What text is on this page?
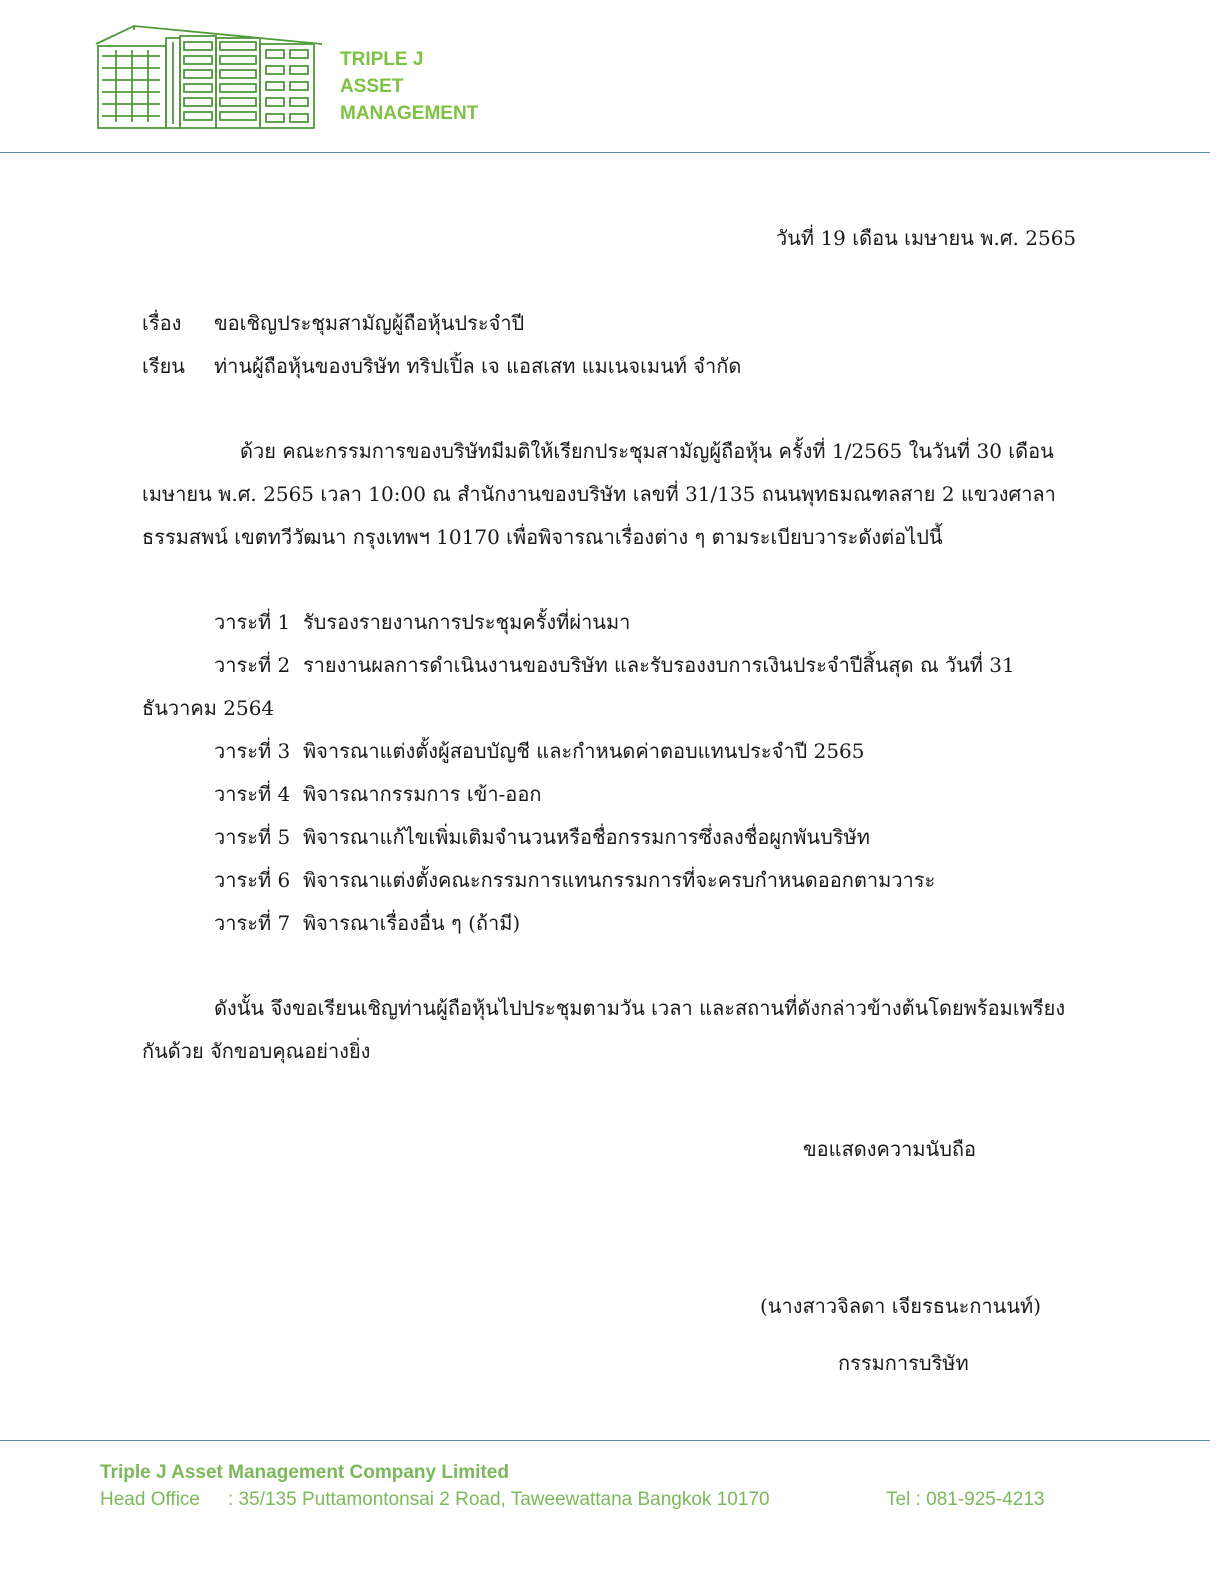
TRIPLE J
ASSET
MANAGEMENT
วันที่ 19 เดือน เมษายน พ.ศ. 2565
เรื่อง ขอเชิญประชุมสามัญผู้ถือหุ้นประจำปี
เรียน ท่านผู้ถือหุ้นของบริษัท ทริปเปิ้ล เจ แอสเสท แมเนจเมนท์ จำกัด
ด้วย คณะกรรมการของบริษัทมีมติให้เรียกประชุมสามัญผู้ถือหุ้น ครั้งที่ 1/2565 ในวันที่ 30 เดือน
เมษายน พ.ศ. 2565 เวลา 10:00 ณ สำนักงานของบริษัท เลขที่ 31/135 ถนนพุทธมณฑลสาย 2 แขวงศาลา
ธรรมสพน์ เขตทวีวัฒนา กรุงเทพฯ 10170 เพื่อพิจารณาเรื่องต่าง ๆ ตามระเบียบวาระดังต่อไปนี้
วาระที่ 1 รับรองรายงานการประชุมครั้งที่ผ่านมา
วาระที่ 2 รายงานผลการดำเนินงานของบริษัท และรับรองงบการเงินประจำปีสิ้นสุด ณ วันที่ 31
ธันวาคม 2564
วาระที่ 3 พิจารณาแต่งตั้งผู้สอบบัญชี และกำหนดค่าตอบแทนประจำปี 2565
วาระที่ 4 พิจารณากรรมการ เข้า-ออก
วาระที่ 5 พิจารณาแก้ไขเพิ่มเติมจำนวนหรือชื่อกรรมการซึ่งลงชื่อผูกพันบริษัท
วาระที่ 6 พิจารณาแต่งตั้งคณะกรรมการแทนกรรมการที่จะครบกำหนดออกตามวาระ
วาระที่ 7 พิจารณาเรื่องอื่น ๆ (ถ้ามี)
ดังนั้น จึงขอเรียนเชิญท่านผู้ถือหุ้นไปประชุมตามวัน เวลา และสถานที่ดังกล่าวข้างต้นโดยพร้อมเพรียง
กันด้วย จักขอบคุณอย่างยิ่ง
ขอแสดงความนับถือ
(นางสาวจิลดา เจียรธนะกานนท์)
กรรมการบริษัท
Triple J Asset Management Company Limited
Head Office : 35/135 Puttamontonsai 2 Road, Taweewattana Bangkok 10170	Tel : 081-925-4213
